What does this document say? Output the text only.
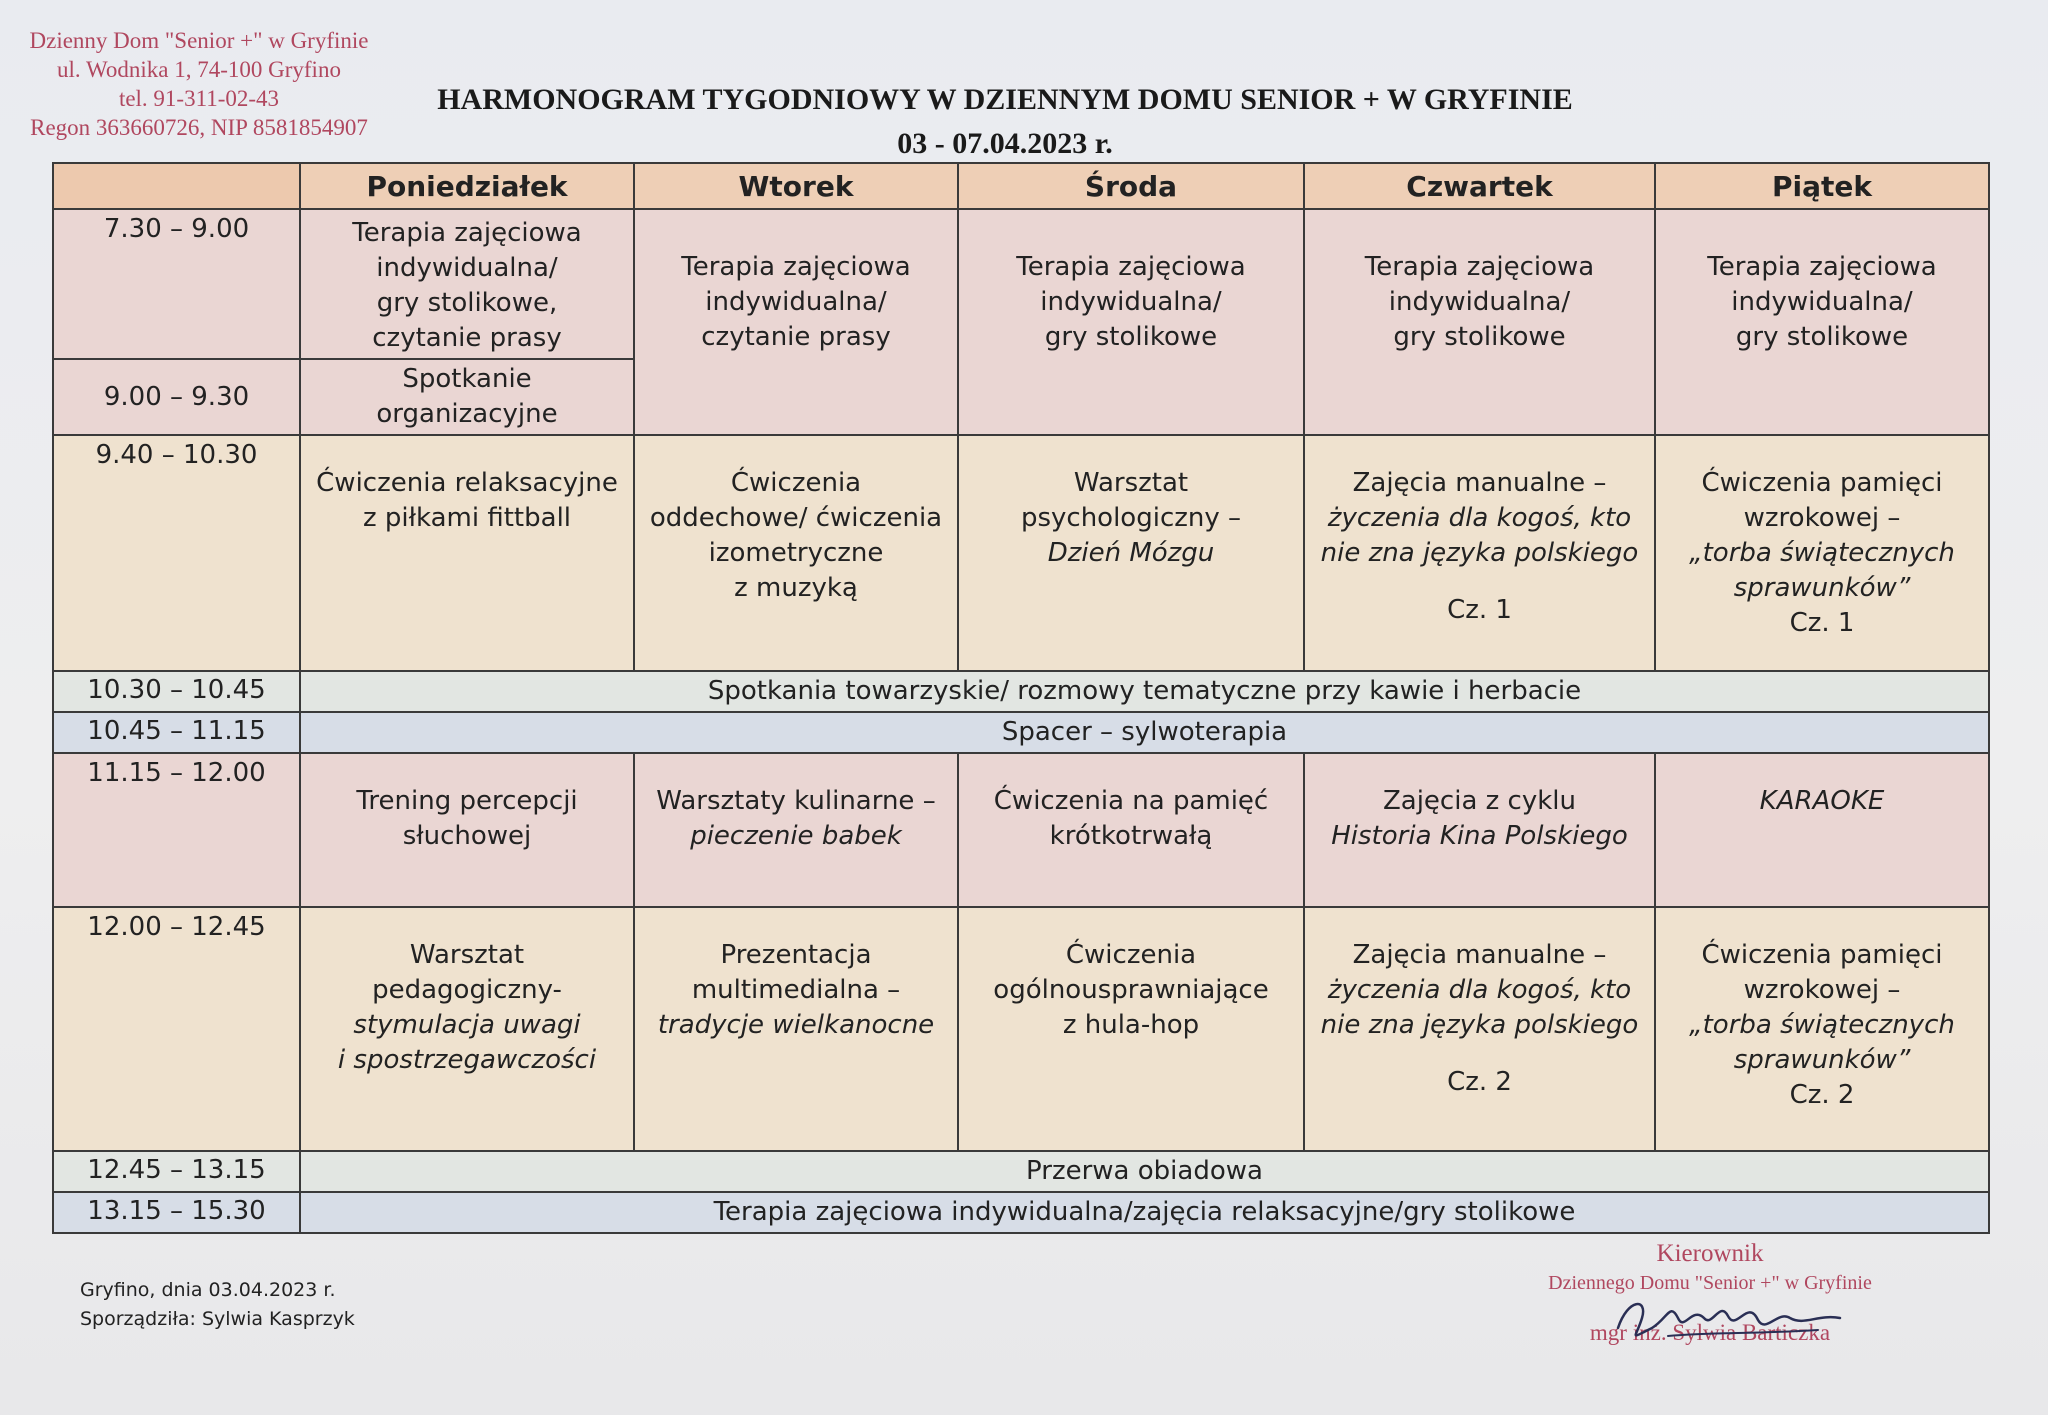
Dzienny Dom "Senior +" w Gryfinie
ul. Wodnika 1, 74-100 Gryfino
tel. 91-311-02-43
Regon 363660726, NIP 8581854907
HARMONOGRAM TYGODNIOWY W DZIENNYM DOMU SENIOR + W GRYFINIE
03 - 07.04.2023 r.
	Poniedziałek	Wtorek	Środa	Czwartek	Piątek
7.30 – 9.00	Terapia zajęciowa
indywidualna/
gry stolikowe,
czytanie prasy	Terapia zajęciowa
indywidualna/
czytanie prasy	Terapia zajęciowa
indywidualna/
gry stolikowe	Terapia zajęciowa
indywidualna/
gry stolikowe	Terapia zajęciowa
indywidualna/
gry stolikowe

9.00 – 9.30	Spotkanie
organizacyjne				

9.40 – 10.30	Ćwiczenia relaksacyjne
z piłkami fittball	Ćwiczenia
oddechowe/ ćwiczenia
izometryczne
z muzyką	Warsztat
psychologiczny –
Dzień Mózgu	Zajęcia manualne –
życzenia dla kogoś, kto
nie zna języka polskiego
Cz. 1	Ćwiczenia pamięci
wzrokowej –
„torba świątecznych
sprawunków”
Cz. 1

10.30 – 10.45	Spotkania towarzyskie/ rozmowy tematyczne przy kawie i herbacie				
10.45 – 11.15	Spacer – sylwoterapia				
11.15 – 12.00	Trening percepcji
słuchowej	Warsztaty kulinarne –
pieczenie babek	Ćwiczenia na pamięć
krótkotrwałą	Zajęcia z cyklu
Historia Kina Polskiego	KARAOKE

12.00 – 12.45	Warsztat pedagogiczny-
stymulacja uwagi
i spostrzegawczości	Prezentacja
multimedialna –
tradycje wielkanocne	Ćwiczenia
ogólnousprawniające
z hula-hop	Zajęcia manualne –
życzenia dla kogoś, kto
nie zna języka polskiego
Cz. 2	Ćwiczenia pamięci
wzrokowej –
„torba świątecznych
sprawunków”
Cz. 2

12.45 – 13.15	Przerwa obiadowa				
13.15 – 15.30	Terapia zajęciowa indywidualna/zajęcia relaksacyjne/gry stolikowe				
Gryfino, dnia 03.04.2023 r.
Sporządziła: Sylwia Kasprzyk
Kierownik
Dziennego Domu "Senior +" w Gryfinie
mgr inż. Sylwia Barticzka
